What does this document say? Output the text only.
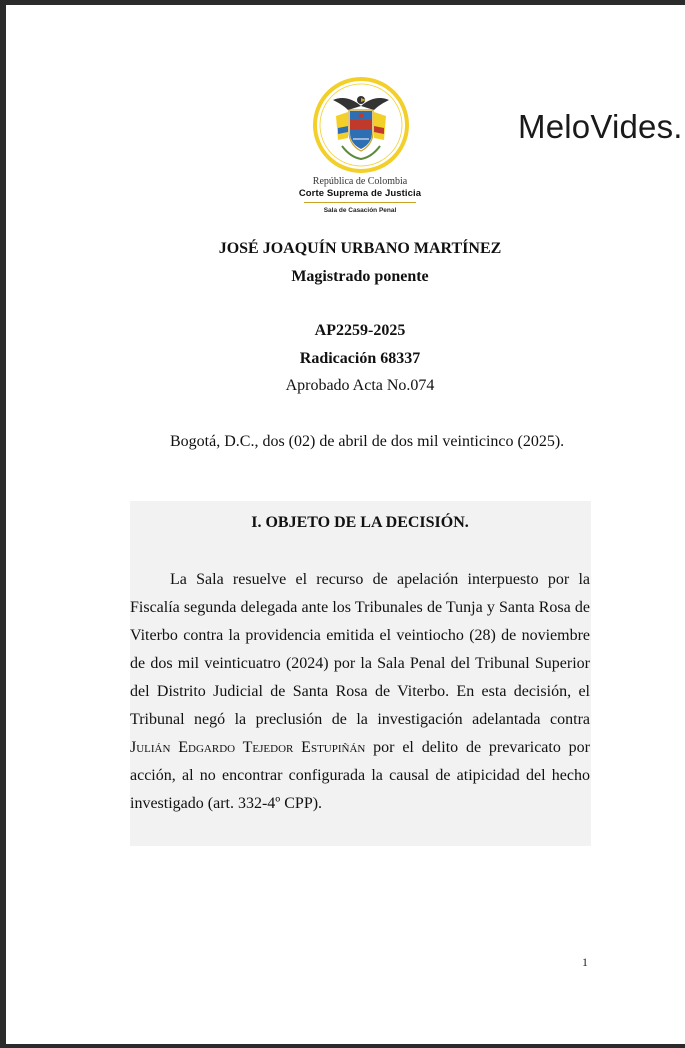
República de Colombia
Corte Suprema de Justicia
Sala de Casación Penal
MeloVides.
JOSÉ JOAQUÍN URBANO MARTÍNEZ
Magistrado ponente
AP2259-2025
Radicación 68337
Aprobado Acta No.074

Bogotá, D.C., dos (02) de abril de dos mil veinticinco (2025).

I. OBJETO DE LA DECISIÓN.

La Sala resuelve el recurso de apelación interpuesto por la Fiscalía segunda delegada ante los Tribunales de Tunja y Santa Rosa de Viterbo contra la providencia emitida el veintiocho (28) de noviembre de dos mil veinticuatro (2024) por la Sala Penal del Tribunal Superior del Distrito Judicial de Santa Rosa de Viterbo. En esta decisión, el Tribunal negó la preclusión de la investigación adelantada contra Julián Edgardo Tejedor Estupiñán por el delito de prevaricato por acción, al no encontrar configurada la causal de atipicidad del hecho investigado (art. 332-4º CPP).

1
